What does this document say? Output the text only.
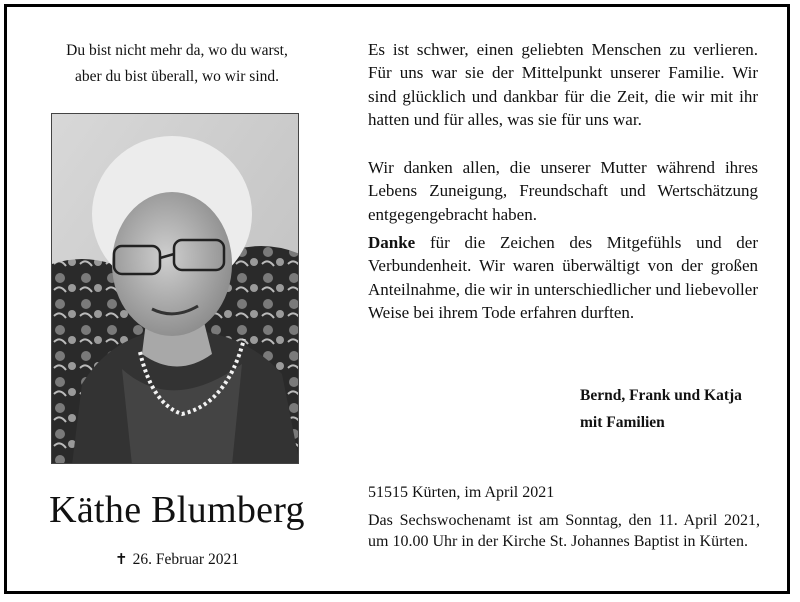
Du bist nicht mehr da, wo du warst,
aber du bist überall, wo wir sind.
Käthe Blumberg
✝ 26. Februar 2021
Es ist schwer, einen geliebten Menschen zu verlieren. Für uns war sie der Mittelpunkt unserer Familie. Wir sind glücklich und dankbar für die Zeit, die wir mit ihr hatten und für alles, was sie für uns war.
Wir danken allen, die unserer Mutter während ihres Lebens Zuneigung, Freundschaft und Wertschätzung entgegengebracht haben.
Danke für die Zeichen des Mitgefühls und der Verbundenheit. Wir waren überwältigt von der großen Anteilnahme, die wir in unterschiedlicher und liebevoller Weise bei ihrem Tode erfahren durften.
Bernd, Frank und Katja
mit Familien
51515 Kürten, im April 2021
Das Sechswochenamt ist am Sonntag, den 11. April 2021, um 10.00 Uhr in der Kirche St. Johannes Baptist in Kürten.
